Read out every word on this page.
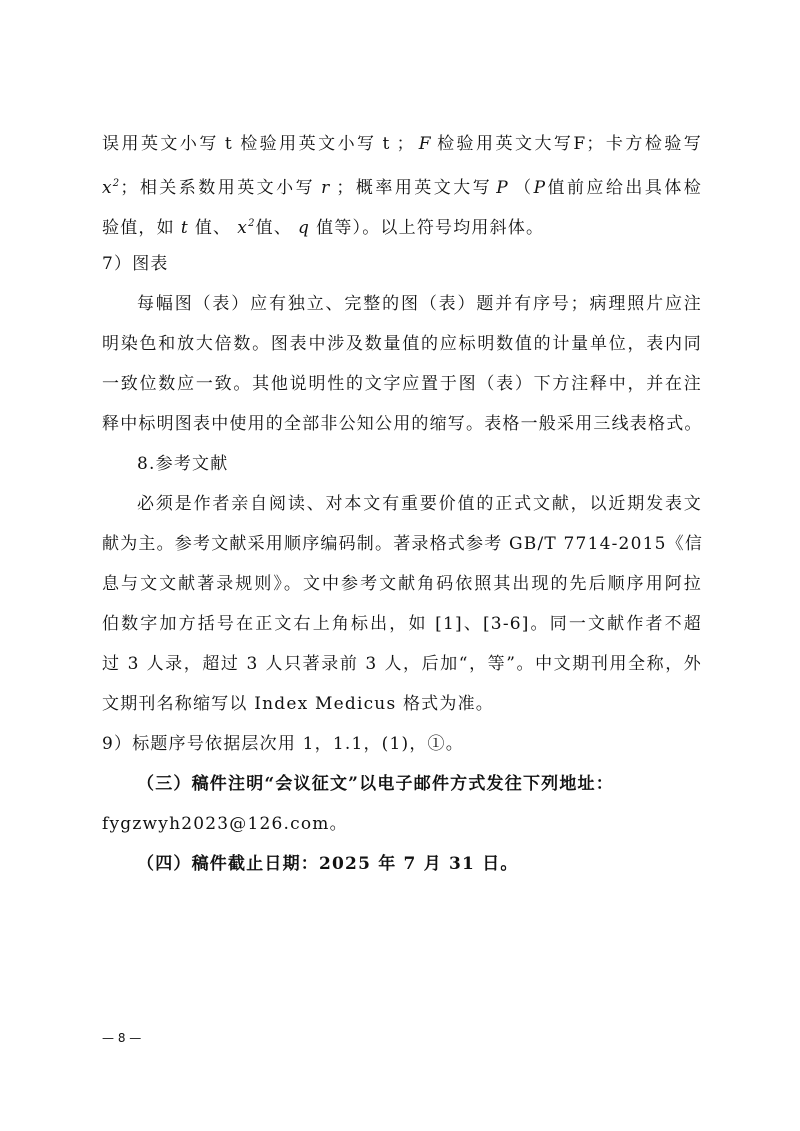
误用英文小写 t 检验用英文小写 t ； F 检验用英文大写F；卡方检验写
$x^2$；相关系数用英文小写 r ；概率用英文大写 P （P值前应给出具体检
验值，如 t 值、 $x^2$值、 q 值等）。以上符号均用斜体。
7）图表
每幅图（表）应有独立、完整的图（表）题并有序号；病理照片应注
明染色和放大倍数。图表中涉及数量值的应标明数值的计量单位，表内同
一致位数应一致。其他说明性的文字应置于图（表）下方注释中，并在注
释中标明图表中使用的全部非公知公用的缩写。表格一般采用三线表格式。
8.参考文献
必须是作者亲自阅读、对本文有重要价值的正式文献，以近期发表文
献为主。参考文献采用顺序编码制。著录格式参考 GB/T 7714-2015《信
息与文文献著录规则》。文中参考文献角码依照其出现的先后顺序用阿拉
伯数字加方括号在正文右上角标出，如 [1]、[3-6]。同一文献作者不超
过 3 人录，超过 3 人只著录前 3 人，后加“，等”。中文期刊用全称，外
文期刊名称缩写以 Index Medicus 格式为准。
9）标题序号依据层次用 1，1.1，(1)，①。
（三）稿件注明“会议征文”以电子邮件方式发往下列地址：
fygzwyh2023@126.com。
（四）稿件截止日期：2025 年 7 月 31 日。
— 8 —
